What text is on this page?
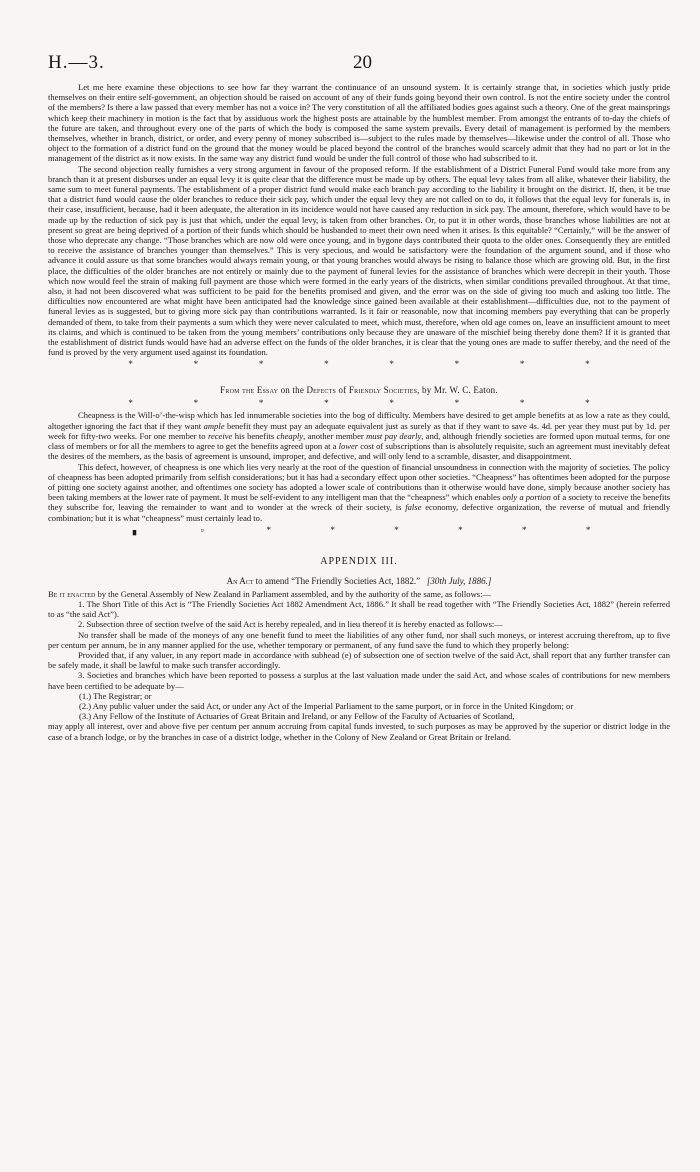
H.—3.	20

Let me here examine these objections to see how far they warrant the continuance of an unsound system. It is certainly strange that, in societies which justly pride themselves on their entire self-government, an objection should be raised on account of any of their funds going beyond their own control. Is not the entire society under the control of the members? Is there a law passed that every member has not a voice in? The very constitution of all the affiliated bodies goes against such a theory. One of the great mainsprings which keep their machinery in motion is the fact that by assiduous work the highest posts are attainable by the humblest member. From amongst the entrants of to-day the chiefs of the future are taken, and throughout every one of the parts of which the body is composed the same system prevails. Every detail of management is performed by the members themselves, whether in branch, district, or order, and every penny of money subscribed is—subject to the rules made by themselves—likewise under the control of all. Those who object to the formation of a district fund on the ground that the money would be placed beyond the control of the branches would scarcely admit that they had no part or lot in the management of the district as it now exists. In the same way any district fund would be under the full control of those who had subscribed to it.

The second objection really furnishes a very strong argument in favour of the proposed reform. If the establishment of a District Funeral Fund would take more from any branch than it at present disburses under an equal levy it is quite clear that the difference must be made up by others. The equal levy takes from all alike, whatever their liability, the same sum to meet funeral payments. The establishment of a proper district fund would make each branch pay according to the liability it brought on the district. If, then, it be true that a district fund would cause the older branches to reduce their sick pay, which under the equal levy they are not called on to do, it follows that the equal levy for funerals is, in their case, insufficient, because, had it been adequate, the alteration in its incidence would not have caused any reduction in sick pay. The amount, therefore, which would have to be made up by the reduction of sick pay is just that which, under the equal levy, is taken from other branches. Or, to put it in other words, those branches whose liabilities are not at present so great are being deprived of a portion of their funds which should be husbanded to meet their own need when it arises. Is this equitable? “Certainly,” will be the answer of those who deprecate any change. “Those branches which are now old were once young, and in bygone days contributed their quota to the older ones. Consequently they are entitled to receive the assistance of branches younger than themselves.” This is very specious, and would be satisfactory were the foundation of the argument sound, and if those who advance it could assure us that some branches would always remain young, or that young branches would always be rising to balance those which are growing old. But, in the first place, the difficulties of the older branches are not entirely or mainly due to the payment of funeral levies for the assistance of branches which were decrepit in their youth. Those which now would feel the strain of making full payment are those which were formed in the early years of the districts, when similar conditions prevailed throughout. At that time, also, it had not been discovered what was sufficient to be paid for the benefits promised and given, and the error was on the side of giving too much and asking too little. The difficulties now encountered are what might have been anticipated had the knowledge since gained been available at their establishment—difficulties due, not to the payment of funeral levies as is suggested, but to giving more sick pay than contributions warranted. Is it fair or reasonable, now that incoming members pay everything that can be properly demanded of them, to take from their payments a sum which they were never calculated to meet, which must, therefore, when old age comes on, leave an insufficient amount to meet its claims, and which is continued to be taken from the young members’ contributions only because they are unaware of the mischief being thereby done them? If it is granted that the establishment of district funds would have had an adverse effect on the funds of the older branches, it is clear that the young ones are made to suffer thereby, and the need of the fund is proved by the very argument used against its foundation.

*	*	*	*	*	*	*	*
From the Essay on the Defects of Friendly Societies, by Mr. W. C. Eaton.
*	*	*	*	*	*	*	*

Cheapness is the Will-o’-the-wisp which has led innumerable societies into the bog of difficulty. Members have desired to get ample benefits at as low a rate as they could, altogether ignoring the fact that if they want ample benefit they must pay an adequate equivalent just as surely as that if they want to save 4s. 4d. per year they must put by 1d. per week for fifty-two weeks. For one member to receive his benefits cheaply, another member must pay dearly, and, although friendly societies are formed upon mutual terms, for one class of members or for all the members to agree to get the benefits agreed upon at a lower cost of subscriptions than is absolutely requisite, such an agreement must inevitably defeat the desires of the members, as the basis of agreement is unsound, improper, and defective, and will only lend to a scramble, disaster, and disappointment.

This defect, however, of cheapness is one which lies very nearly at the root of the question of financial unsoundness in connection with the majority of societies. The policy of cheapness has been adopted primarily from selfish considerations; but it has had a secondary effect upon other societies. “Cheapness” has oftentimes been adopted for the purpose of pitting one society against another, and oftentimes one society has adopted a lower scale of contributions than it otherwise would have done, simply because another society has been taking members at the lower rate of payment. It must be self-evident to any intelligent man that the “cheapness” which enables only a portion of a society to receive the benefits they subscribe for, leaving the remainder to want and to wonder at the wreck of their society, is false economy, defective organization, the reverse of mutual and friendly combination; but it is what “cheapness” must certainly lead to.

▗	▫	*	*	*	*	*	*
APPENDIX III.
An Act to amend “The Friendly Societies Act, 1882.” [30th July, 1886.]

Be it enacted by the General Assembly of New Zealand in Parliament assembled, and by the authority of the same, as follows:—

1. The Short Title of this Act is “The Friendly Societies Act 1882 Amendment Act, 1886.” It shall be read together with “The Friendly Societies Act, 1882” (herein referred to as “the said Act”).

2. Subsection three of section twelve of the said Act is hereby repealed, and in lieu thereof it is hereby enacted as follows:—

No transfer shall be made of the moneys of any one benefit fund to meet the liabilities of any other fund, nor shall such moneys, or interest accruing therefrom, up to five per centum per annum, be in any manner applied for the use, whether temporary or permanent, of any fund save the fund to which they properly belong:

Provided that, if any valuer, in any report made in accordance with subhead (e) of subsection one of section twelve of the said Act, shall report that any further transfer can be safely made, it shall be lawful to make such transfer accordingly.

3. Societies and branches which have been reported to possess a surplus at the last valuation made under the said Act, and whose scales of contributions for new members have been certified to be adequate by—

(1.) The Registrar; or
(2.) Any public valuer under the said Act, or under any Act of the Imperial Parliament to the same purport, or in force in the United Kingdom; or
(3.) Any Fellow of the Institute of Actuaries of Great Britain and Ireland, or any Fellow of the Faculty of Actuaries of Scotland,

may apply all interest, over and above five per centum per annum accruing from capital funds invested, to such purposes as may be approved by the superior or district lodge in the case of a branch lodge, or by the branches in case of a district lodge, whether in the Colony of New Zealand or Great Britain or Ireland.
